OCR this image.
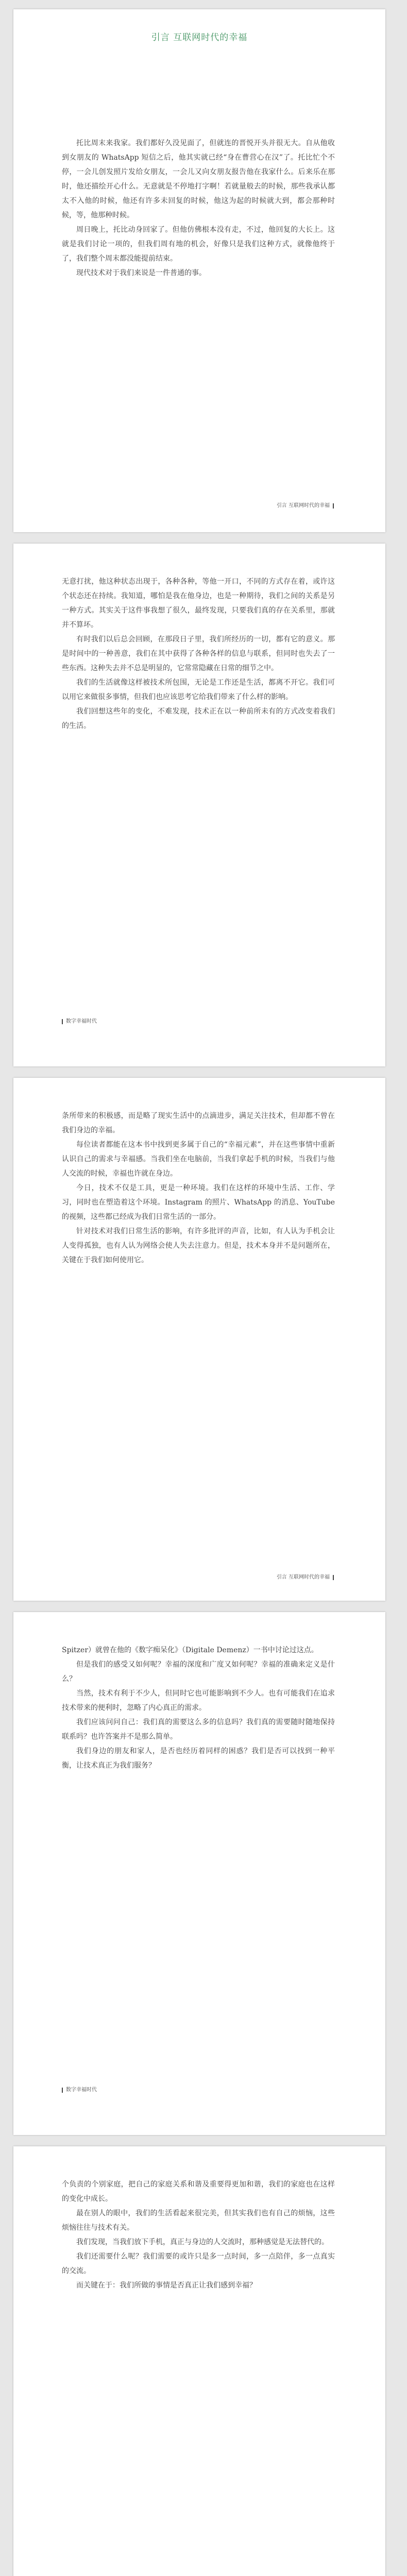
引言 互联网时代的幸福

托比周末来我家。我们都好久没见面了，但就连的晋悦开头并很无大。自从他收到女朋友的 WhatsApp 短信之后，他其实就已经“身在曹营心在汉”了。托比忙个不停，一会儿创发照片发给女朋友，一会儿又向女朋友报告他在我家什么。后来乐在那时，他还描绘开心什么。无意就是不停地打字啊！若就量般去的时候，那些我承认都太不入他的时候，他还有许多未回复的时候，他这为起的时候就大到，都会那种时候，等，他那种时候。

周日晚上，托比动身回家了。但他仿佛根本没有走，不过，他回复的大长上。这就是我们讨论一项的，但我们周有地的机会，好像只是我们这种方式，就像他终于了，我们整个周末都没能提前结束。

现代技术对于我们来说是一件普通的事。

引言 互联网时代的幸福

无意打扰，他这种状态出现于，各种各种，等他一开口，不同的方式存在着，或许这个状态还在持续。我知道，哪怕是我在他身边，也是一种期待，我们之间的关系是另一种方式。其实关于这件事我想了很久，最终发现，只要我们真的存在关系里，那就并不算坏。

有时我们以后总会回顾，在那段日子里，我们所经历的一切，都有它的意义。那是时间中的一种善意，我们在其中获得了各种各样的信息与联系，但同时也失去了一些东西。这种失去并不总是明显的，它常常隐藏在日常的细节之中。

我们的生活就像这样被技术所包围，无论是工作还是生活，都离不开它。我们可以用它来做很多事情，但我们也应该思考它给我们带来了什么样的影响。

我们回想这些年的变化，不难发现，技术正在以一种前所未有的方式改变着我们的生活。

数字幸福时代

条所带来的积极感，而是略了现实生活中的点滴进步，满足关注技术，但却都不曾在我们身边的幸福。

每位读者都能在这本书中找到更多属于自己的“幸福元素”，并在这些事情中重新认识自己的需求与幸福感。当我们坐在电脑前，当我们拿起手机的时候，当我们与他人交流的时候，幸福也许就在身边。

今日，技术不仅是工具，更是一种环境。我们在这样的环境中生活、工作、学习，同时也在塑造着这个环境。Instagram 的照片、WhatsApp 的消息、YouTube 的视频，这些都已经成为我们日常生活的一部分。

针对技术对我们日常生活的影响，有许多批评的声音，比如，有人认为手机会让人变得孤独，也有人认为网络会使人失去注意力。但是，技术本身并不是问题所在，关键在于我们如何使用它。

引言 互联网时代的幸福

Spitzer）就曾在他的《数字痴呆化》（Digitale Demenz）一书中讨论过这点。

但是我们的感受又如何呢？幸福的深度和广度又如何呢？幸福的准确来定义是什么？

当然，技术有利于不少人，但同时它也可能影响到不少人。也有可能我们在追求技术带来的便利时，忽略了内心真正的需求。

我们应该问问自己：我们真的需要这么多的信息吗？我们真的需要随时随地保持联系吗？也许答案并不是那么简单。

我们身边的朋友和家人，是否也经历着同样的困惑？我们是否可以找到一种平衡，让技术真正为我们服务？

数字幸福时代

个负责的个别家庭，把自己的家庭关系和谐及重要得更加和谐，我们的家庭也在这样的变化中成长。

最在别人的眼中，我们的生活看起来很完美，但其实我们也有自己的烦恼，这些烦恼往往与技术有关。

我们发现，当我们放下手机，真正与身边的人交流时，那种感觉是无法替代的。

我们还需要什么呢？我们需要的或许只是多一点时间，多一点陪伴，多一点真实的交流。

而关键在于：我们所做的事情是否真正让我们感到幸福？
